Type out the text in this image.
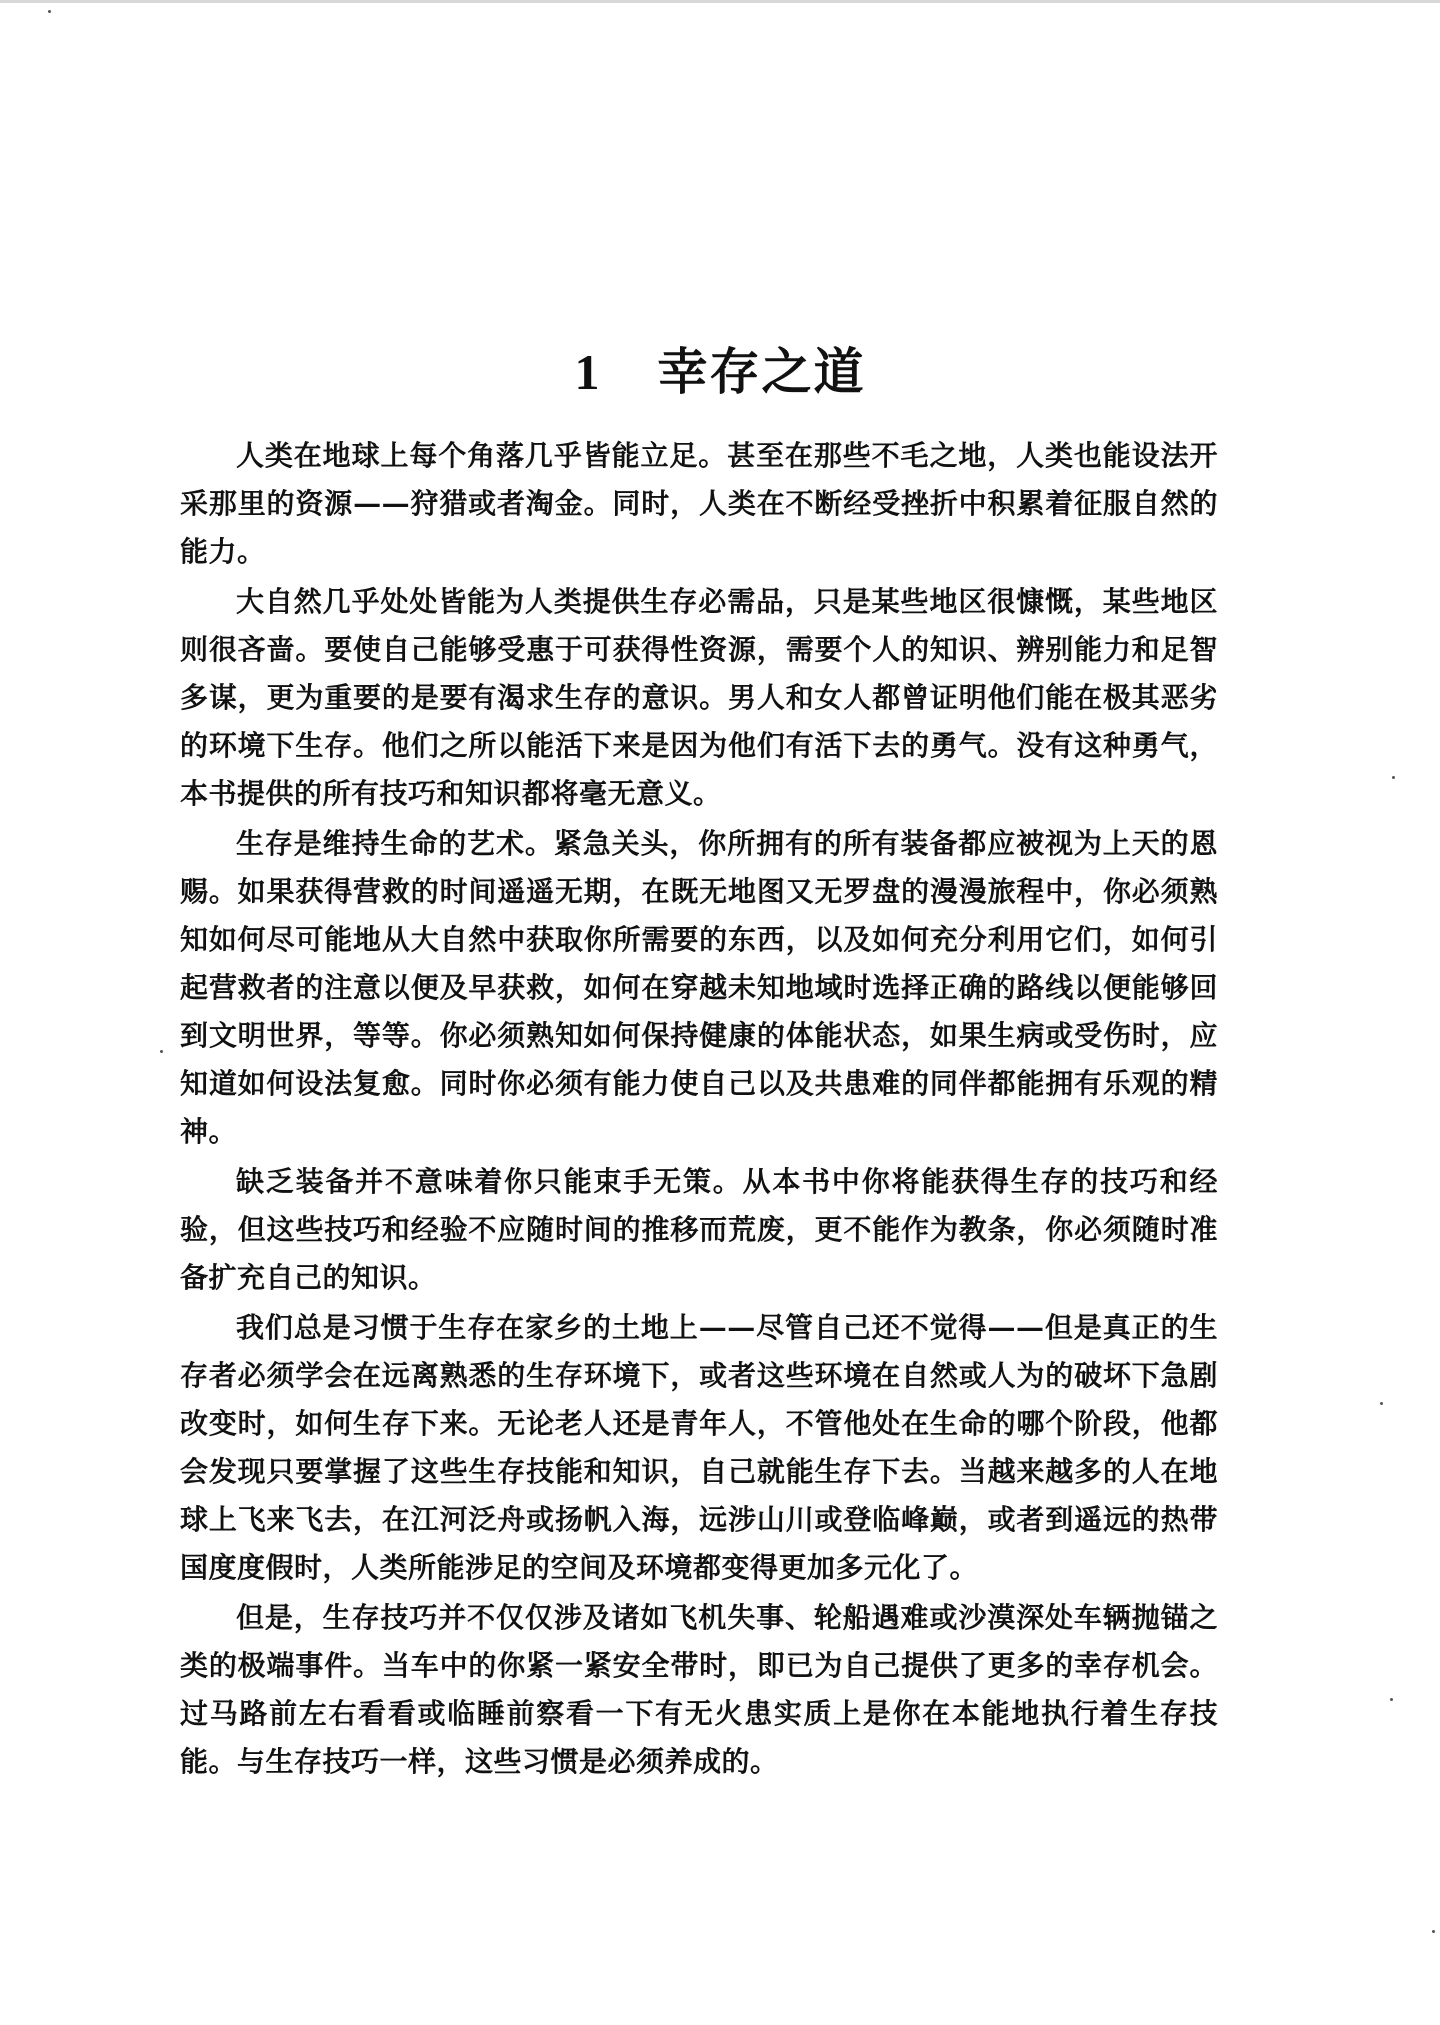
1 幸存之道

人类在地球上每个角落几乎皆能立足。甚至在那些不毛之地，人类也能设法开采那里的资源——狩猎或者淘金。同时，人类在不断经受挫折中积累着征服自然的能力。

大自然几乎处处皆能为人类提供生存必需品，只是某些地区很慷慨，某些地区则很吝啬。要使自己能够受惠于可获得性资源，需要个人的知识、辨别能力和足智多谋，更为重要的是要有渴求生存的意识。男人和女人都曾证明他们能在极其恶劣的环境下生存。他们之所以能活下来是因为他们有活下去的勇气。没有这种勇气，本书提供的所有技巧和知识都将毫无意义。

生存是维持生命的艺术。紧急关头，你所拥有的所有装备都应被视为上天的恩赐。如果获得营救的时间遥遥无期，在既无地图又无罗盘的漫漫旅程中，你必须熟知如何尽可能地从大自然中获取你所需要的东西，以及如何充分利用它们，如何引起营救者的注意以便及早获救，如何在穿越未知地域时选择正确的路线以便能够回到文明世界，等等。你必须熟知如何保持健康的体能状态，如果生病或受伤时，应知道如何设法复愈。同时你必须有能力使自己以及共患难的同伴都能拥有乐观的精神。

缺乏装备并不意味着你只能束手无策。从本书中你将能获得生存的技巧和经验，但这些技巧和经验不应随时间的推移而荒废，更不能作为教条，你必须随时准备扩充自己的知识。

我们总是习惯于生存在家乡的土地上——尽管自己还不觉得——但是真正的生存者必须学会在远离熟悉的生存环境下，或者这些环境在自然或人为的破坏下急剧改变时，如何生存下来。无论老人还是青年人，不管他处在生命的哪个阶段，他都会发现只要掌握了这些生存技能和知识，自己就能生存下去。当越来越多的人在地球上飞来飞去，在江河泛舟或扬帆入海，远涉山川或登临峰巅，或者到遥远的热带国度度假时，人类所能涉足的空间及环境都变得更加多元化了。

但是，生存技巧并不仅仅涉及诸如飞机失事、轮船遇难或沙漠深处车辆抛锚之类的极端事件。当车中的你紧一紧安全带时，即已为自己提供了更多的幸存机会。过马路前左右看看或临睡前察看一下有无火患实质上是你在本能地执行着生存技能。与生存技巧一样，这些习惯是必须养成的。
